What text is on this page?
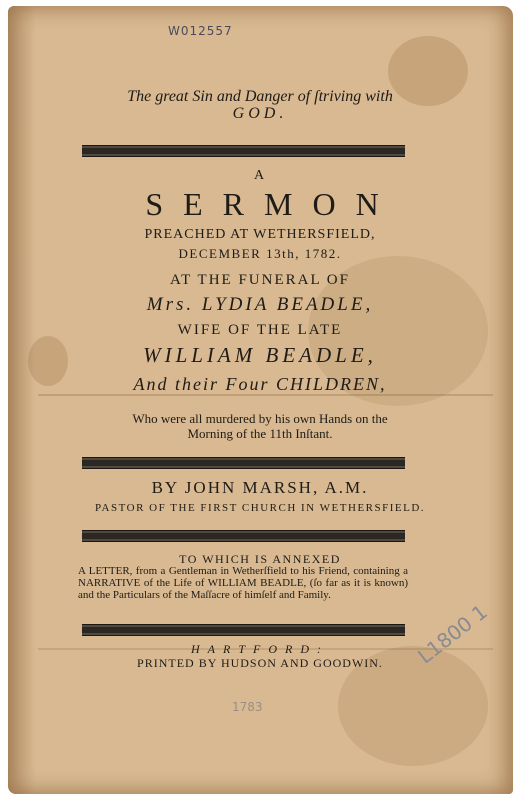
W012557
The great Sin and Danger of ſtriving with
GOD.
A
SERMON
PREACHED AT WETHERSFIELD,
DECEMBER 13th, 1782.
AT THE FUNERAL OF
Mrs. LYDIA BEADLE,
WIFE OF THE LATE
WILLIAM BEADLE,
And their Four CHILDREN,
Who were all murdered by his own Hands on the
Morning of the 11th Inſtant.
BY JOHN MARSH, A.M.
PASTOR OF THE FIRST CHURCH IN WETHERSFIELD.
TO WHICH IS ANNEXED
A LETTER, from a Gentleman in Wetherſfield to his Friend, containing a NARRATIVE of the Life of WILLIAM BEADLE, (ſo far as it is known) and the Particulars of the Maſſacre of himſelf and Family.
HARTFORD:
PRINTED BY HUDSON AND GOODWIN.	L1800 1
1783
